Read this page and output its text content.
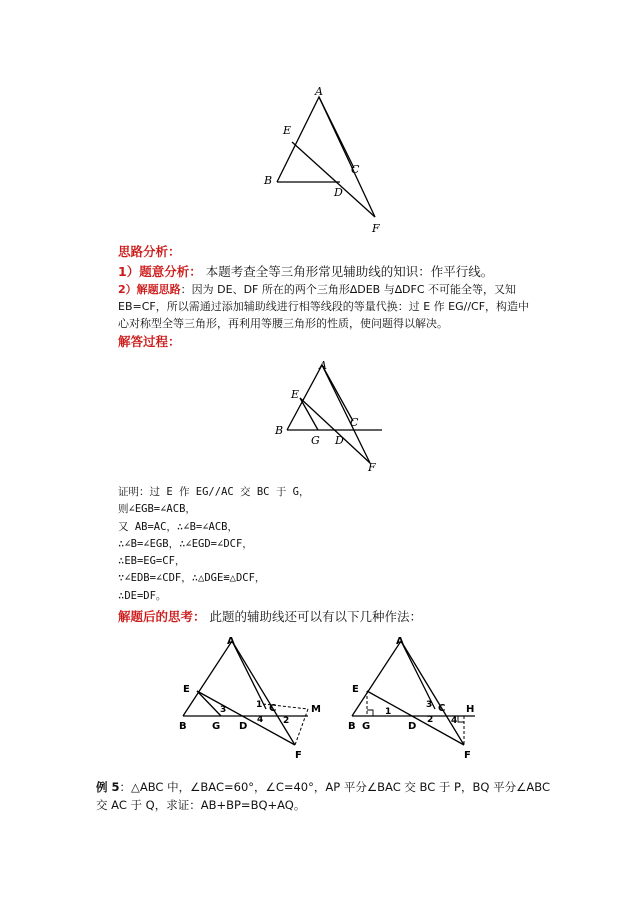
A
E
C
B
D
F
思路分析：
1）题意分析： 本题考查全等三角形常见辅助线的知识：作平行线。
2）解题思路：因为 DE、DF 所在的两个三角形∆DEB 与∆DFC 不可能全等，又知 EB=CF，所以需通过添加辅助线进行相等线段的等量代换：过 E 作 EG//CF，构造中心对称型全等三角形，再利用等腰三角形的性质，使问题得以解决。
解答过程：
A
E
B
G D
C
F
证明：过 E 作 EG//AC 交 BC 于 G，
则∠EGB=∠ACB，
又 AB=AC，∴∠B=∠ACB，
∴∠B=∠EGB，∴∠EGD=∠DCF，
∴EB=EG=CF，
∵∠EDB=∠CDF，∴△DGE≌△DCF，
∴DE=DF。
解题后的思考： 此题的辅助线还可以有以下几种作法：
A
E
B	G D
C	M
F
1
2
3
4
A
E
B G	D
C H
F
1
2
3
4
例 5：△ABC 中，∠BAC=60°，∠C=40°，AP 平分∠BAC 交 BC 于 P，BQ 平分∠ABC 交 AC 于 Q，求证：AB+BP=BQ+AQ。
